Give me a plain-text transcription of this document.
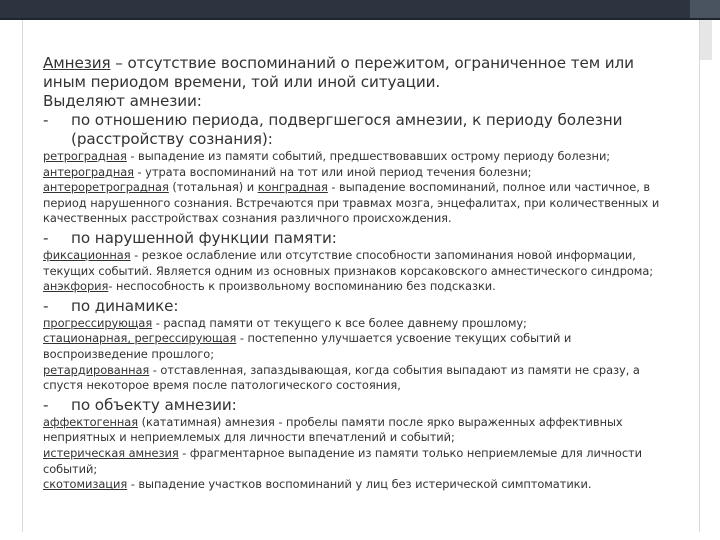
Амнезия – отсутствие воспоминаний о пережитом, ограниченное тем или иным периодом времени, той или иной ситуации.
Выделяют амнезии:
-	по отношению периода, подвергшегося амнезии, к периоду болезни (расстройству сознания):
ретроградная - выпадение из памяти событий, предшествовавших острому периоду болезни;
антероградная - утрата воспоминаний на тот или иной период течения болезни;
антероретроградная (тотальная) и конградная - выпадение воспоминаний, полное или частичное, в период нарушенного сознания. Встречаются при травмах мозга, энцефалитах, при количественных и качественных расстройствах сознания различного происхождения.
-	по нарушенной функции памяти:
фиксационная - резкое ослабление или отсутствие способности запоминания новой информации, текущих событий. Является одним из основных признаков корсаковского амнестического синдрома;
анэкфория- неспособность к произвольному воспоминанию без подсказки.
-	по динамике:
прогрессирующая - распад памяти от текущего к все более давнему прошлому;
стационарная, регрессирующая - постепенно улучшается усвоение текущих событий и воспроизведение прошлого;
ретардированная - отставленная, запаздывающая, когда события выпадают из памяти не сразу, а спустя некоторое время после патологического состояния,
-	по объекту амнезии:
аффектогенная (кататимная) амнезия - пробелы памяти после ярко выраженных аффективных неприятных и неприемлемых для личности впечатлений и событий;
истерическая амнезия - фрагментарное выпадение из памяти только неприемлемые для личности событий;
скотомизация - выпадение участков воспоминаний у лиц без истерической симптоматики.
